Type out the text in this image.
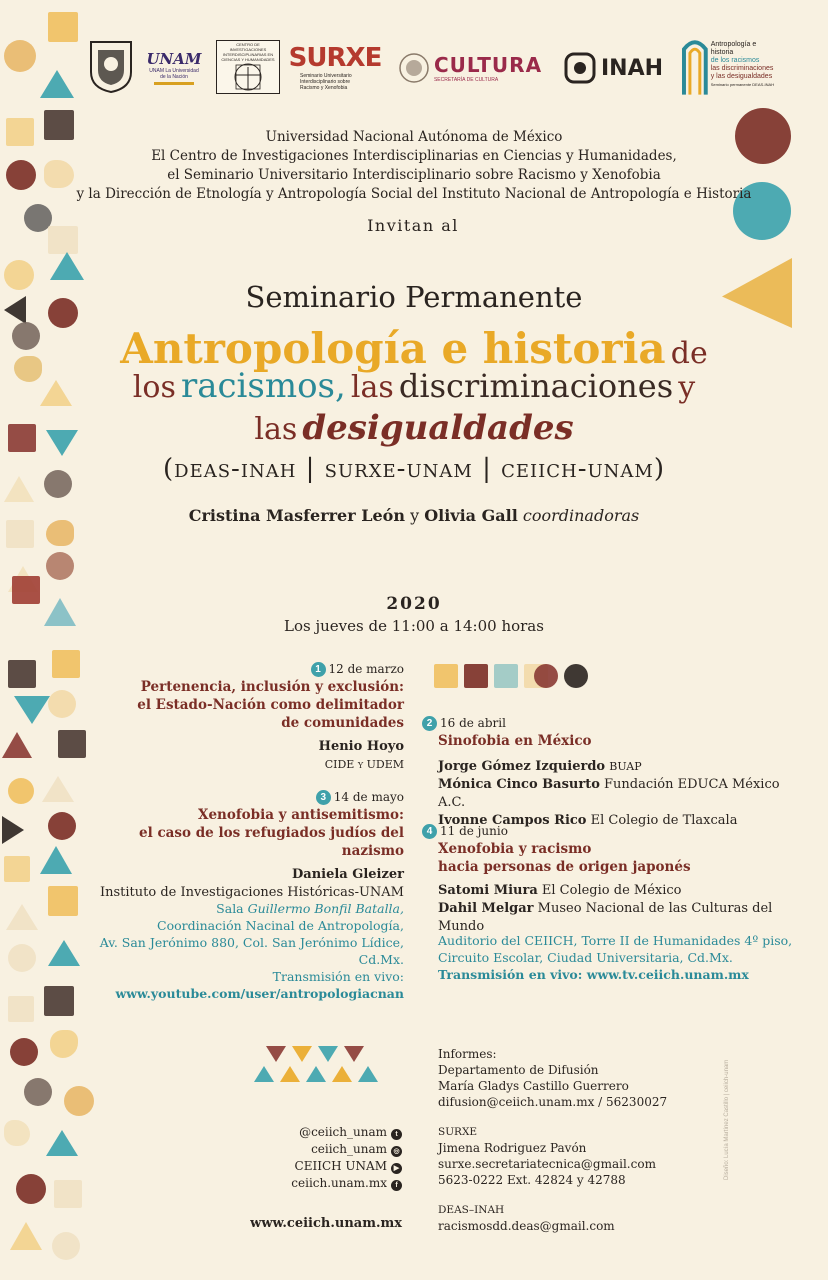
UNAM
UNAM La Universidad de la Nación
CENTRO DE INVESTIGACIONES INTERDISCIPLINARIAS EN CIENCIAS Y HUMANIDADES SURXE
Seminario Universitario Interdisciplinario sobre Racismo y Xenofobia
CULTURA
SECRETARÍA DE CULTURA	INAH
Antropología e historia
de los racismos
las discriminaciones
y las desigualdades
Seminario permanente DEAS-INAH
Universidad Nacional Autónoma de México
El Centro de Investigaciones Interdisciplinarias en Ciencias y Humanidades,
el Seminario Universitario Interdisciplinario sobre Racismo y Xenofobia
y la Dirección de Etnología y Antropología Social del Instituto Nacional de Antropología e Historia
Invitan al
Seminario Permanente
Antropología e historia de
los racismos, las discriminaciones y
las desigualdades
(deas-inah | surxe-unam | ceiich-unam)
Cristina Masferrer León y Olivia Gall coordinadoras
2020
Los jueves de 11:00 a 14:00 horas
1 12 de marzo
Pertenencia, inclusión y exclusión:
el Estado-Nación como delimitador
de comunidades
Henio Hoyo
CIDE y UDEM
3 14 de mayo
Xenofobia y antisemitismo:
el caso de los refugiados judíos del nazismo
Daniela Gleizer
Instituto de Investigaciones Históricas-UNAM
Sala Guillermo Bonfil Batalla,
Coordinación Nacinal de Antropología,
Av. San Jerónimo 880, Col. San Jerónimo Lídice, Cd.Mx.
Transmisión en vivo:
www.youtube.com/user/antropologiacnan
2 16 de abril
Sinofobia en México
Jorge Gómez Izquierdo BUAP
Mónica Cinco Basurto Fundación EDUCA México A.C.
Ivonne Campos Rico El Colegio de Tlaxcala
4 11 de junio
Xenofobia y racismo
hacia personas de origen japonés
Satomi Miura El Colegio de México
Dahil Melgar Museo Nacional de las Culturas del Mundo
Auditorio del CEIICH, Torre II de Humanidades 4º piso,
Circuito Escolar, Ciudad Universitaria, Cd.Mx.
Transmisión en vivo: www.tv.ceiich.unam.mx
@ceiich_unam t
ceiich_unam ◎
CEIICH UNAM ▶
ceiich.unam.mx f
www.ceiich.unam.mx
Informes:
Departamento de Difusión
María Gladys Castillo Guerrero
difusion@ceiich.unam.mx / 56230027
SURXE
Jimena Rodriguez Pavón
surxe.secretariatecnica@gmail.com
5623-0222 Ext. 42824 y 42788
DEAS–INAH
racismosdd.deas@gmail.com
Diseño: Lucía Martínez Castillo | ceiich-unam
